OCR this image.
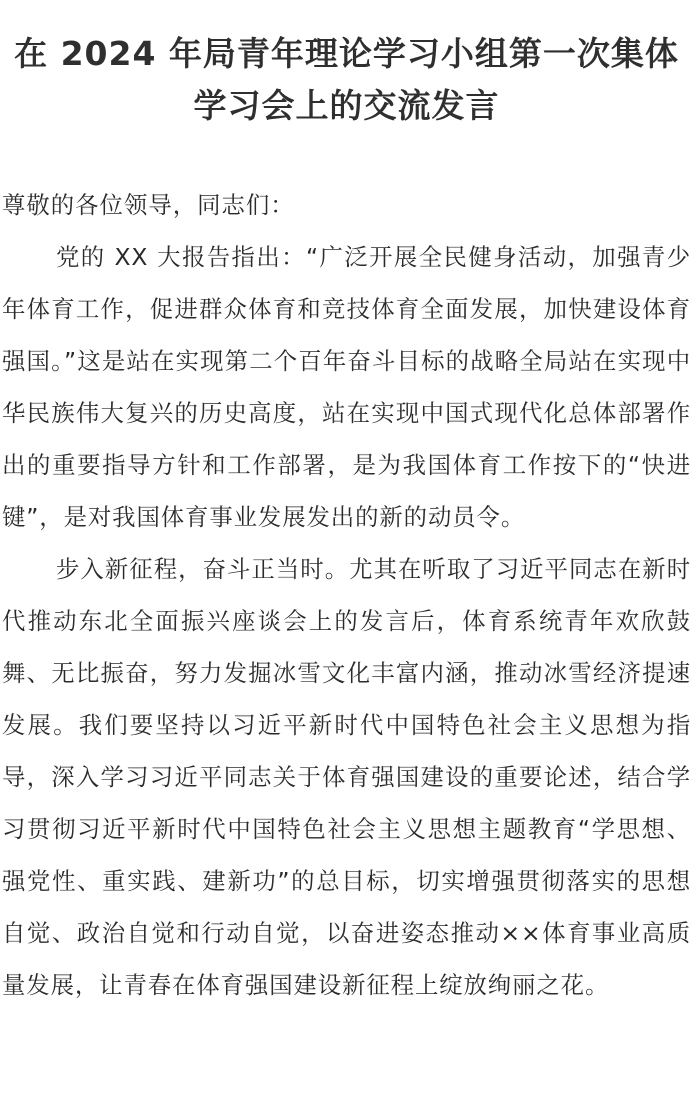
在 2024 年局青年理论学习小组第一次集体学习会上的交流发言

尊敬的各位领导，同志们：

党的 XX 大报告指出：“广泛开展全民健身活动，加强青少年体育工作，促进群众体育和竞技体育全面发展，加快建设体育强国。”这是站在实现第二个百年奋斗目标的战略全局站在实现中华民族伟大复兴的历史高度，站在实现中国式现代化总体部署作出的重要指导方针和工作部署，是为我国体育工作按下的“快进键”，是对我国体育事业发展发出的新的动员令。

步入新征程，奋斗正当时。尤其在听取了习近平同志在新时代推动东北全面振兴座谈会上的发言后，体育系统青年欢欣鼓舞、无比振奋，努力发掘冰雪文化丰富内涵，推动冰雪经济提速发展。我们要坚持以习近平新时代中国特色社会主义思想为指导，深入学习习近平同志关于体育强国建设的重要论述，结合学习贯彻习近平新时代中国特色社会主义思想主题教育“学思想、强党性、重实践、建新功”的总目标，切实增强贯彻落实的思想自觉、政治自觉和行动自觉，以奋进姿态推动××体育事业高质量发展，让青春在体育强国建设新征程上绽放绚丽之花。
